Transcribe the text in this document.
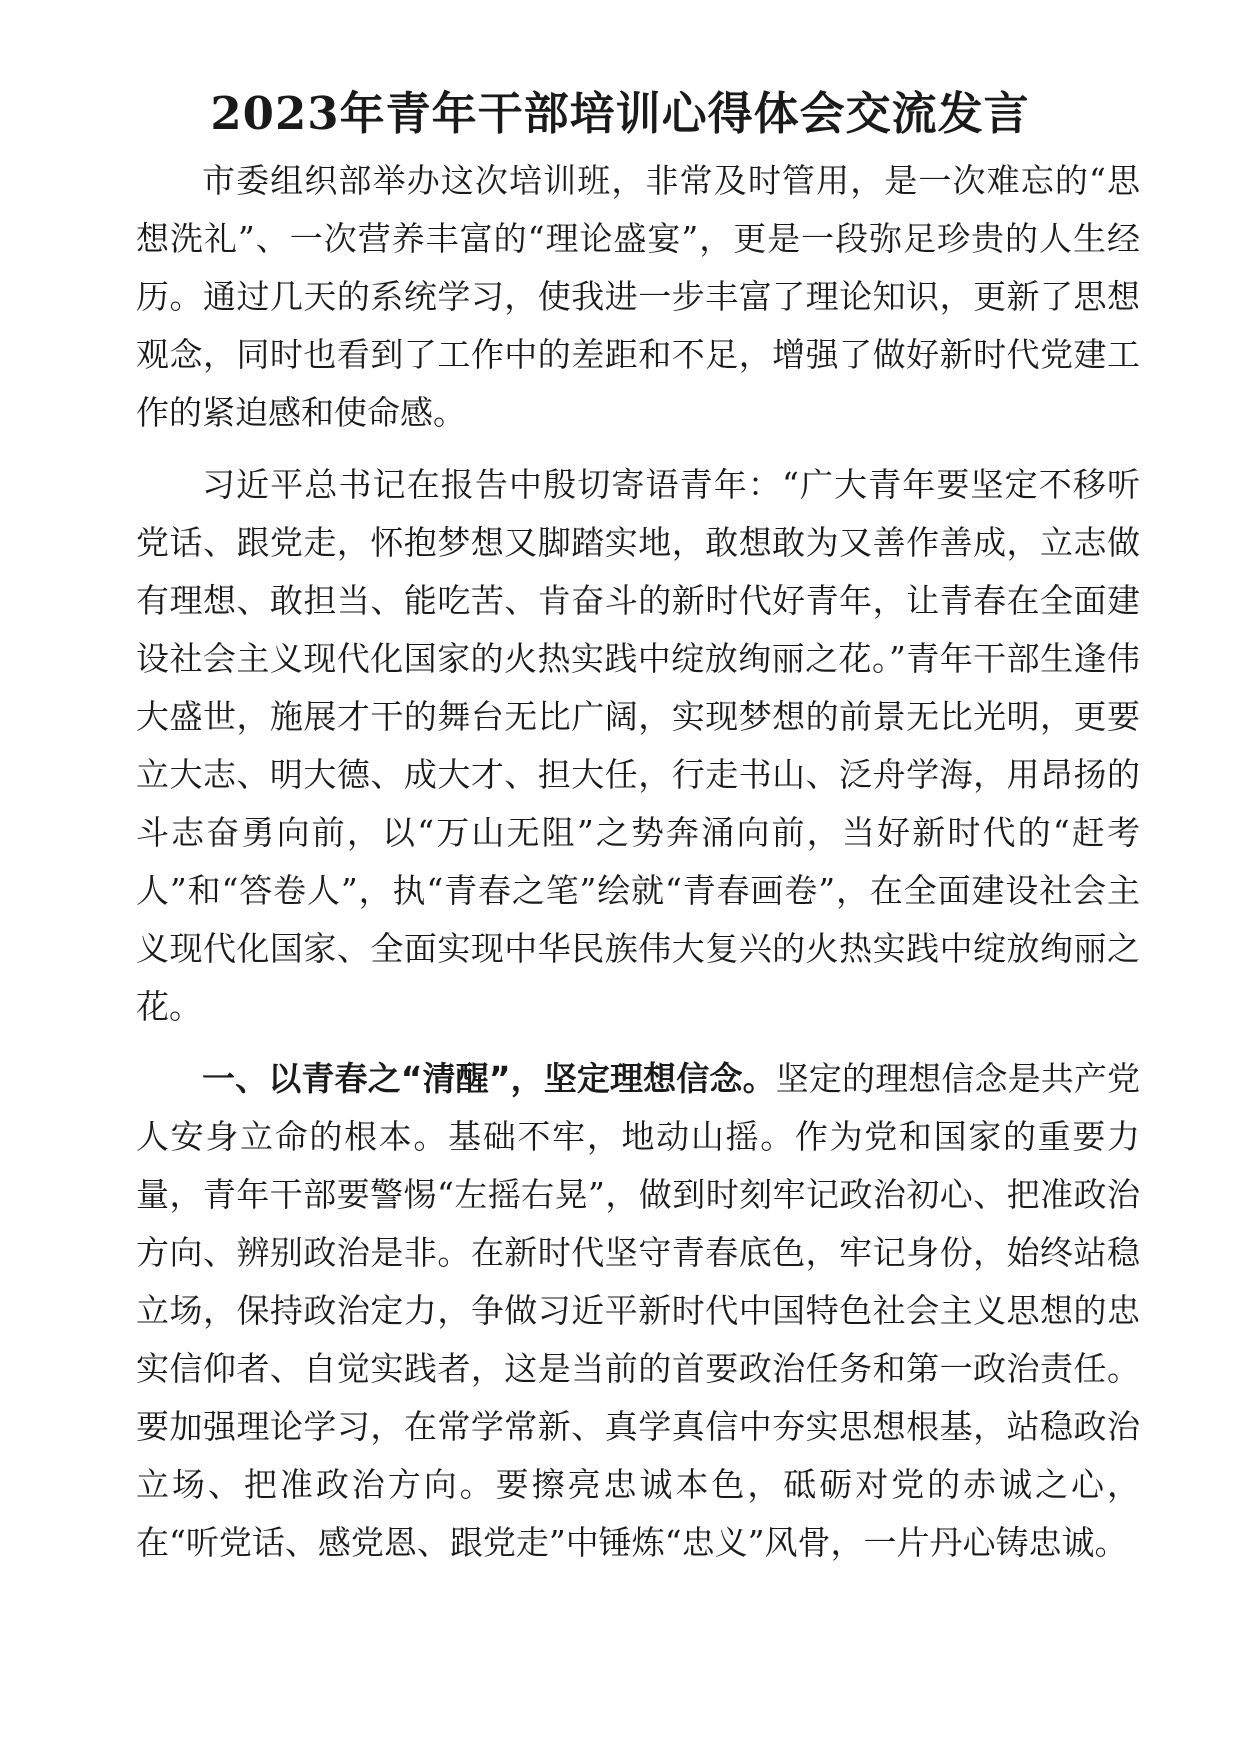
2023年青年干部培训心得体会交流发言

市委组织部举办这次培训班，非常及时管用，是一次难忘的“思想洗礼”、一次营养丰富的“理论盛宴”，更是一段弥足珍贵的人生经历。通过几天的系统学习，使我进一步丰富了理论知识，更新了思想观念，同时也看到了工作中的差距和不足，增强了做好新时代党建工作的紧迫感和使命感。

习近平总书记在报告中殷切寄语青年：“广大青年要坚定不移听党话、跟党走，怀抱梦想又脚踏实地，敢想敢为又善作善成，立志做有理想、敢担当、能吃苦、肯奋斗的新时代好青年，让青春在全面建设社会主义现代化国家的火热实践中绽放绚丽之花。”青年干部生逢伟大盛世，施展才干的舞台无比广阔，实现梦想的前景无比光明，更要立大志、明大德、成大才、担大任，行走书山、泛舟学海，用昂扬的斗志奋勇向前，以“万山无阻”之势奔涌向前，当好新时代的“赶考人”和“答卷人”，执“青春之笔”绘就“青春画卷”，在全面建设社会主义现代化国家、全面实现中华民族伟大复兴的火热实践中绽放绚丽之花。

一、以青春之“清醒”，坚定理想信念。坚定的理想信念是共产党人安身立命的根本。基础不牢，地动山摇。作为党和国家的重要力量，青年干部要警惕“左摇右晃”，做到时刻牢记政治初心、把准政治方向、辨别政治是非。在新时代坚守青春底色，牢记身份，始终站稳立场，保持政治定力，争做习近平新时代中国特色社会主义思想的忠实信仰者、自觉实践者，这是当前的首要政治任务和第一政治责任。要加强理论学习，在常学常新、真学真信中夯实思想根基，站稳政治立场、把准政治方向。要擦亮忠诚本色，砥砺对党的赤诚之心，在“听党话、感党恩、跟党走”中锤炼“忠义”风骨，一片丹心铸忠诚。
